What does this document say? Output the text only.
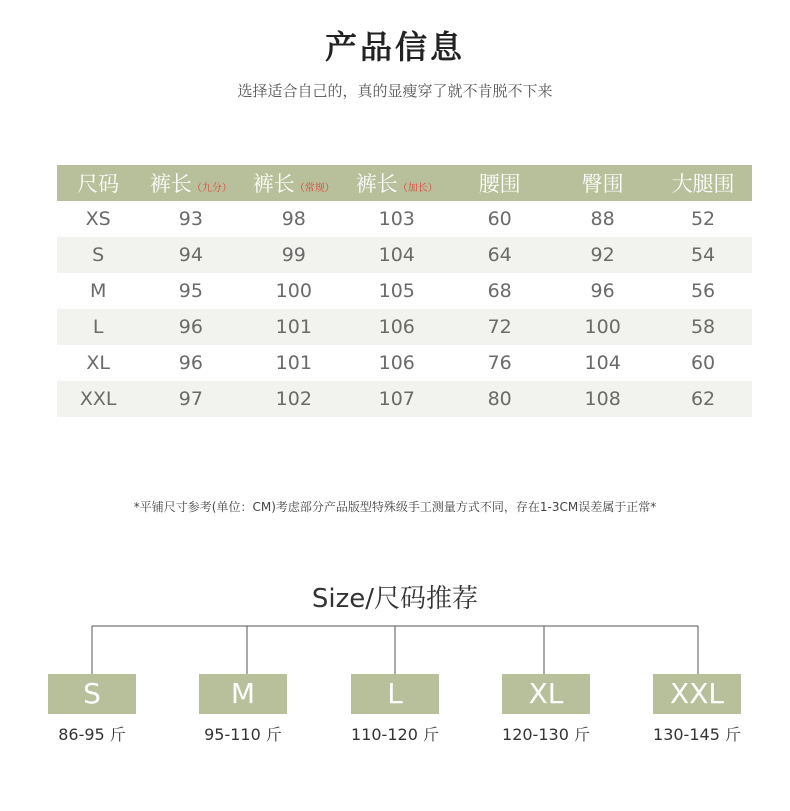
产品信息
选择适合自己的，真的显瘦穿了就不肯脱不下来
尺码	裤长（九分）	裤长（常规）	裤长（加长）	腰围	臀围	大腿围
XS	93	98	103	60	88	52
S	94	99	104	64	92	54
M	95	100	105	68	96	56
L	96	101	106	72	100	58
XL	96	101	106	76	104	60
XXL	97	102	107	80	108	62
*平铺尺寸参考(单位：CM)考虑部分产品版型特殊级手工测量方式不同，存在1-3CM误差属于正常*
Size/尺码推荐
S	M	L	XL	XXL
86-95 斤	95-110 斤	110-120 斤	120-130 斤	130-145 斤
